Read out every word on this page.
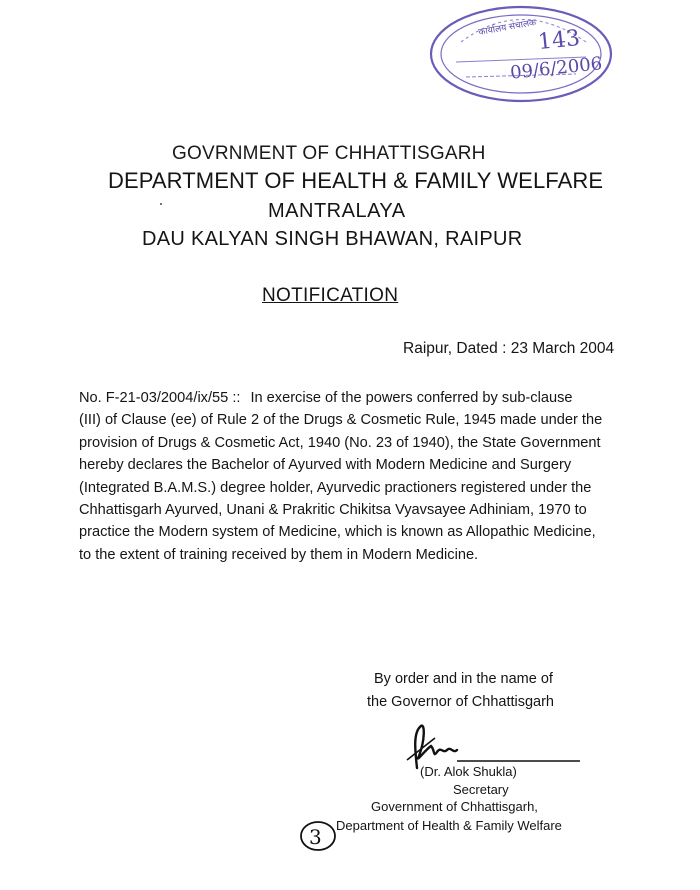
कार्यालय संचालक 143
09/6/2006
GOVRNMENT OF CHHATTISGARH
DEPARTMENT OF HEALTH & FAMILY WELFARE
MANTRALAYA
DAU KALYAN SINGH BHAWAN, RAIPUR
NOTIFICATION
Raipur, Dated : 23 March 2004
No. F-21-03/2004/ix/55 :: In exercise of the powers conferred by sub-clause
(III) of Clause (ee) of Rule 2 of the Drugs & Cosmetic Rule, 1945 made under the
provision of Drugs & Cosmetic Act, 1940 (No. 23 of 1940), the State Government
hereby declares the Bachelor of Ayurved with Modern Medicine and Surgery
(Integrated B.A.M.S.) degree holder, Ayurvedic practioners registered under the
Chhattisgarh Ayurved, Unani & Prakritic Chikitsa Vyavsayee Adhiniam, 1970 to
practice the Modern system of Medicine, which is known as Allopathic Medicine,
to the extent of training received by them in Modern Medicine.
By order and in the name of
the Governor of Chhattisgarh
(Dr. Alok Shukla)
Secretary
Government of Chhattisgarh,
Department of Health & Family Welfare
3
